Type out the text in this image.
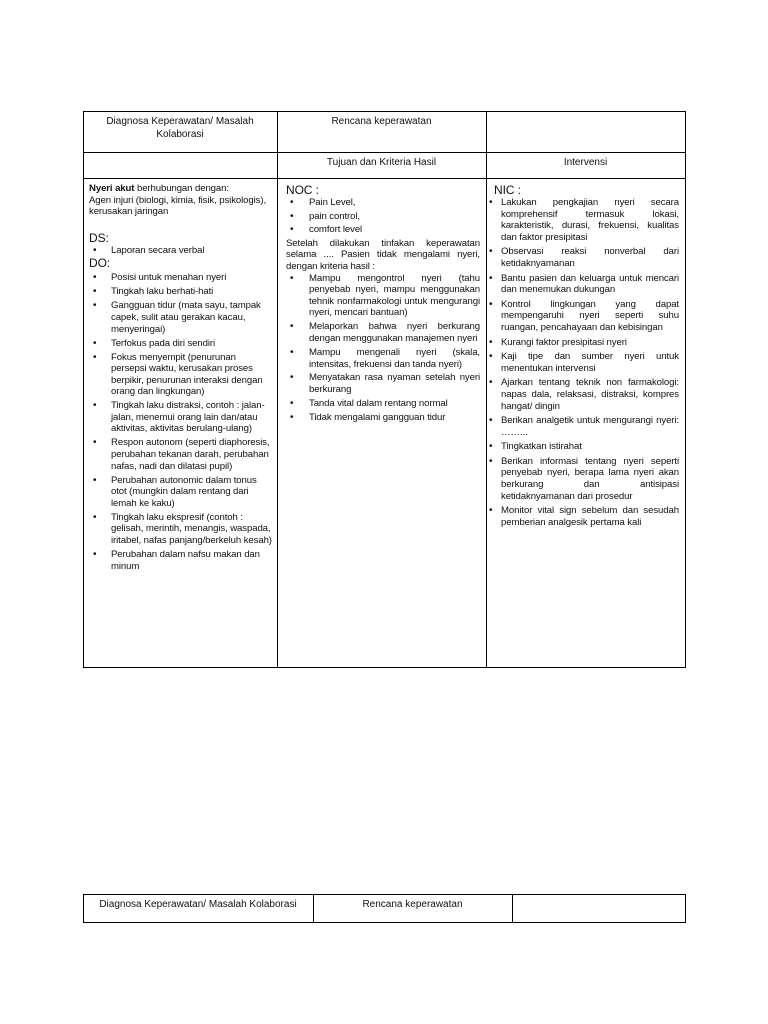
Diagnosa Keperawatan/ Masalah Kolaborasi
Rencana keperawatan
Tujuan dan Kriteria Hasil	Intervensi
Nyeri akut berhubungan dengan:
Agen injuri (biologi, kimia, fisik, psikologis), kerusakan jaringan
DS:
• Laporan secara verbal
DO:
• Posisi untuk menahan nyeri
• Tingkah laku berhati-hati
• Gangguan tidur (mata sayu, tampak capek, sulit atau gerakan kacau, menyeringai)
• Terfokus pada diri sendiri
• Fokus menyempit (penurunan persepsi waktu, kerusakan proses berpikir, penurunan interaksi dengan orang dan lingkungan)
• Tingkah laku distraksi, contoh : jalan-jalan, menemui orang lain dan/atau aktivitas, aktivitas berulang-ulang)
• Respon autonom (seperti diaphoresis, perubahan tekanan darah, perubahan nafas, nadi dan dilatasi pupil)
• Perubahan autonomic dalam tonus otot (mungkin dalam rentang dari lemah ke kaku)
• Tingkah laku ekspresif (contoh : gelisah, merintih, menangis, waspada, iritabel, nafas panjang/berkeluh kesah)
• Perubahan dalam nafsu makan dan minum
NOC :
• Pain Level,
• pain control,
• comfort level
Setelah dilakukan tinfakan keperawatan selama .... Pasien tidak mengalami nyeri, dengan kriteria hasil :
• Mampu mengontrol nyeri (tahu penyebab nyeri, mampu menggunakan tehnik nonfarmakologi untuk mengurangi nyeri, mencari bantuan)
• Melaporkan bahwa nyeri berkurang dengan menggunakan manajemen nyeri
• Mampu mengenali nyeri (skala, intensitas, frekuensi dan tanda nyeri)
• Menyatakan rasa nyaman setelah nyeri berkurang
• Tanda vital dalam rentang normal
• Tidak mengalami gangguan tidur
NIC :
• Lakukan pengkajian nyeri secara komprehensif termasuk lokasi, karakteristik, durasi, frekuensi, kualitas dan faktor presipitasi
• Observasi reaksi nonverbal dari ketidaknyamanan
• Bantu pasien dan keluarga untuk mencari dan menemukan dukungan
• Kontrol lingkungan yang dapat mempengaruhi nyeri seperti suhu ruangan, pencahayaan dan kebisingan
• Kurangi faktor presipitasi nyeri
• Kaji tipe dan sumber nyeri untuk menentukan intervensi
• Ajarkan tentang teknik non farmakologi: napas dala, relaksasi, distraksi, kompres hangat/ dingin
• Berikan analgetik untuk mengurangi nyeri: ……...
• Tingkatkan istirahat
• Berikan informasi tentang nyeri seperti penyebab nyeri, berapa lama nyeri akan berkurang dan antisipasi ketidaknyamanan dari prosedur
• Monitor vital sign sebelum dan sesudah pemberian analgesik pertama kali
Diagnosa Keperawatan/ Masalah Kolaborasi	Rencana keperawatan
